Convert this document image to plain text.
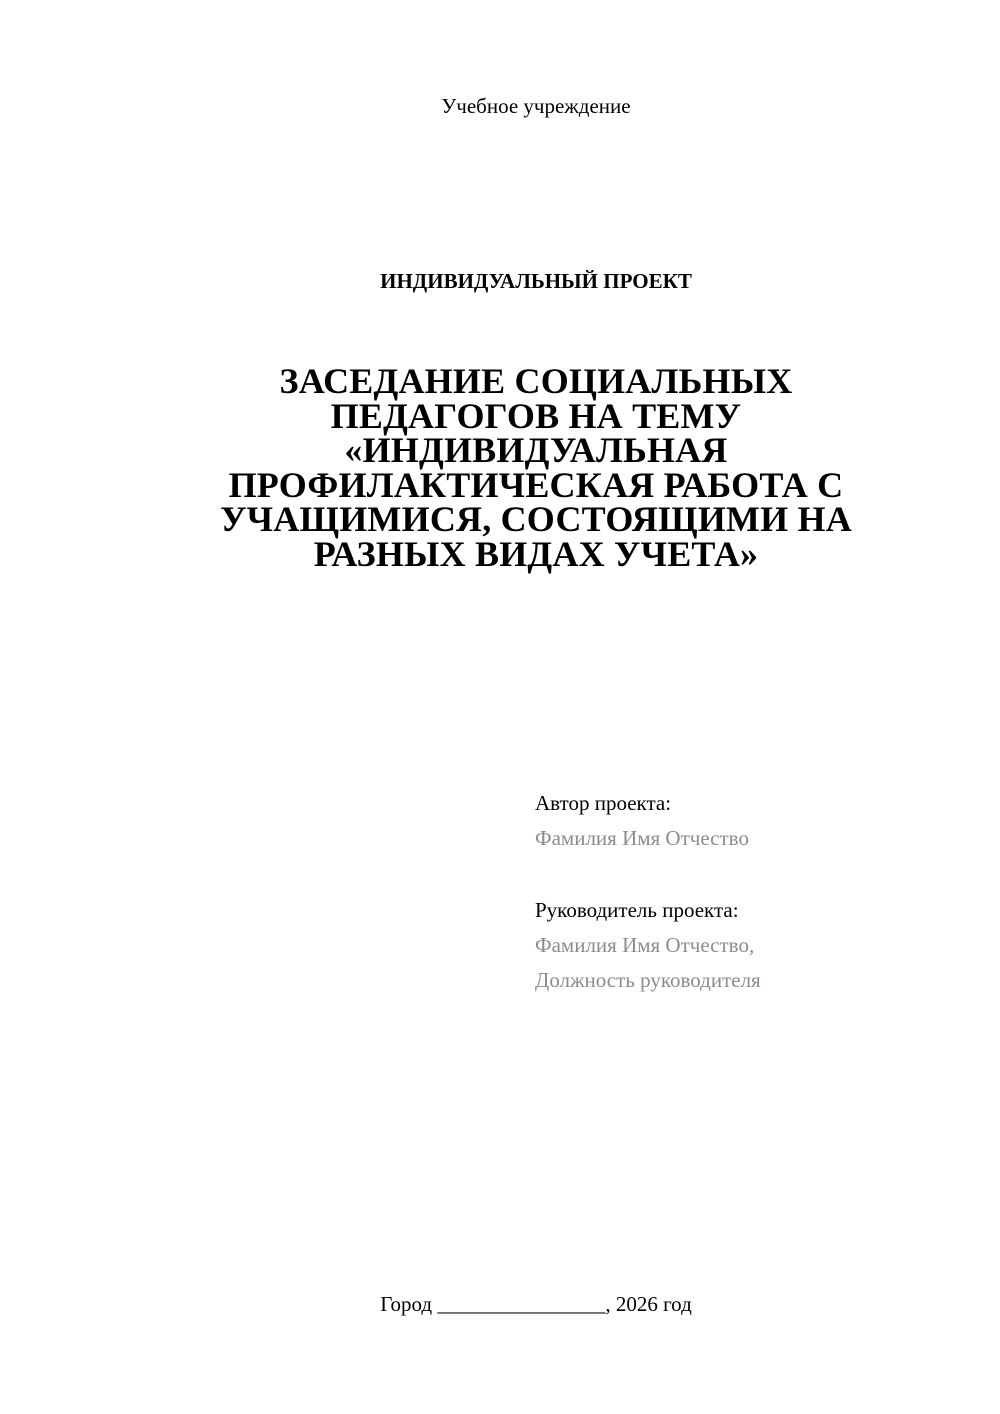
Учебное учреждение
ИНДИВИДУАЛЬНЫЙ ПРОЕКТ
ЗАСЕДАНИЕ СОЦИАЛЬНЫХ
ПЕДАГОГОВ НА ТЕМУ
«ИНДИВИДУАЛЬНАЯ
ПРОФИЛАКТИЧЕСКАЯ РАБОТА С
УЧАЩИМИСЯ, СОСТОЯЩИМИ НА
РАЗНЫХ ВИДАХ УЧЕТА»
Автор проекта:
Фамилия Имя Отчество
Руководитель проекта:
Фамилия Имя Отчество,
Должность руководителя
Город ________________, 2026 год
